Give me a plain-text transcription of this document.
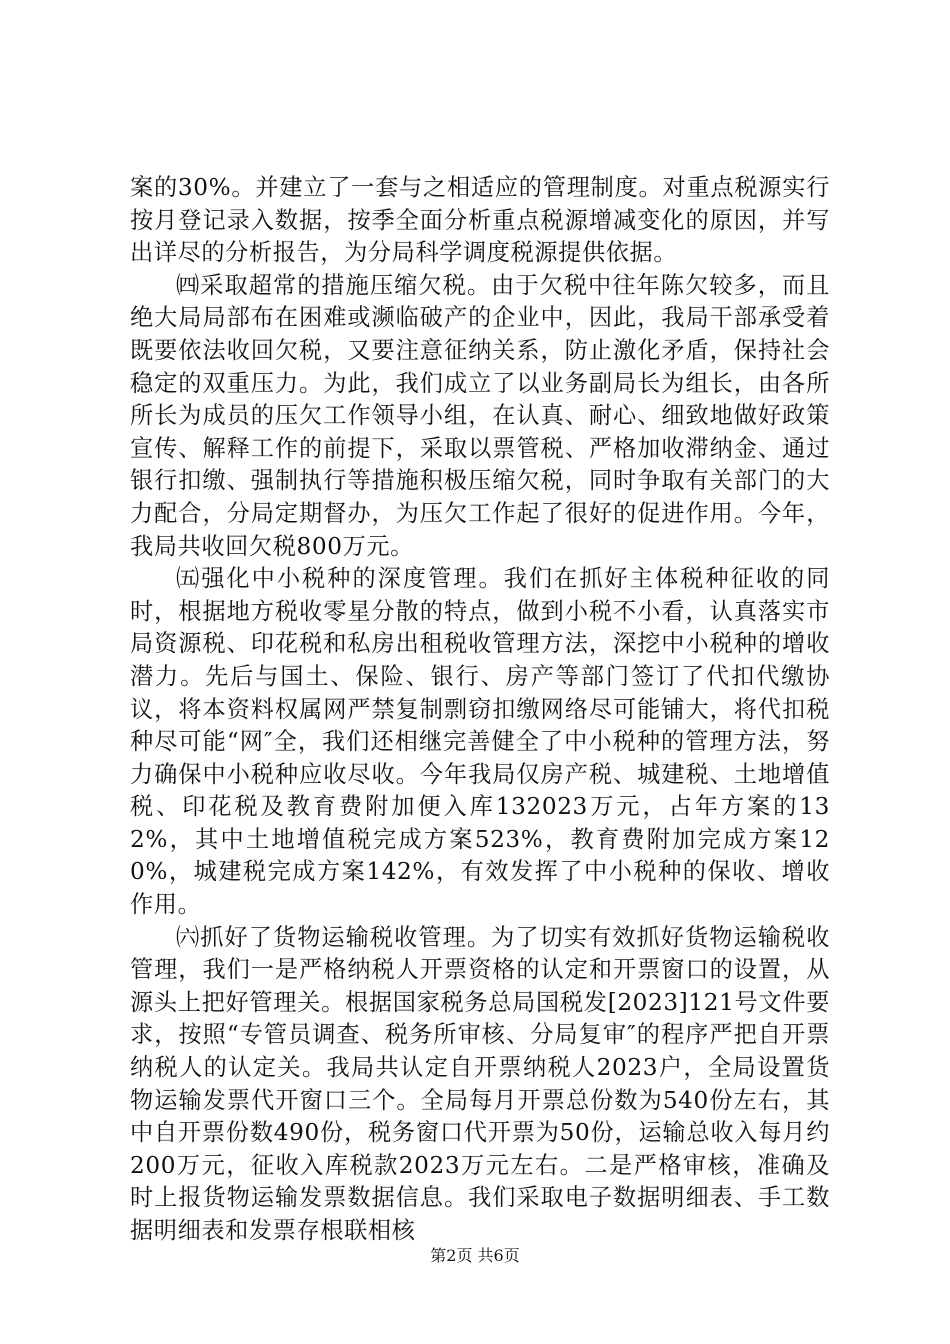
案的30%。并建立了一套与之相适应的管理制度。对重点税源实行按月登记录入数据，按季全面分析重点税源增减变化的原因，并写出详尽的分析报告，为分局科学调度税源提供依据。

㈣采取超常的措施压缩欠税。由于欠税中往年陈欠较多，而且绝大局局部布在困难或濒临破产的企业中，因此，我局干部承受着既要依法收回欠税，又要注意征纳关系，防止激化矛盾，保持社会稳定的双重压力。为此，我们成立了以业务副局长为组长，由各所所长为成员的压欠工作领导小组，在认真、耐心、细致地做好政策宣传、解释工作的前提下，采取以票管税、严格加收滞纳金、通过银行扣缴、强制执行等措施积极压缩欠税，同时争取有关部门的大力配合，分局定期督办，为压欠工作起了很好的促进作用。今年，我局共收回欠税800万元。

㈤强化中小税种的深度管理。我们在抓好主体税种征收的同时，根据地方税收零星分散的特点，做到小税不小看，认真落实市局资源税、印花税和私房出租税收管理方法，深挖中小税种的增收潜力。先后与国土、保险、银行、房产等部门签订了代扣代缴协议，将本资料权属网严禁复制剽窃扣缴网络尽可能铺大，将代扣税种尽可能“网″全，我们还相继完善健全了中小税种的管理方法，努力确保中小税种应收尽收。今年我局仅房产税、城建税、土地增值税、印花税及教育费附加便入库132023万元，占年方案的132%，其中土地增值税完成方案523%，教育费附加完成方案120%，城建税完成方案142%，有效发挥了中小税种的保收、增收作用。

㈥抓好了货物运输税收管理。为了切实有效抓好货物运输税收管理，我们一是严格纳税人开票资格的认定和开票窗口的设置，从源头上把好管理关。根据国家税务总局国税发[2023]121号文件要求，按照“专管员调查、税务所审核、分局复审″的程序严把自开票纳税人的认定关。我局共认定自开票纳税人2023户，全局设置货物运输发票代开窗口三个。全局每月开票总份数为540份左右，其中自开票份数490份，税务窗口代开票为50份，运输总收入每月约200万元，征收入库税款2023万元左右。二是严格审核，准确及时上报货物运输发票数据信息。我们采取电子数据明细表、手工数据明细表和发票存根联相核

第2页 共6页
